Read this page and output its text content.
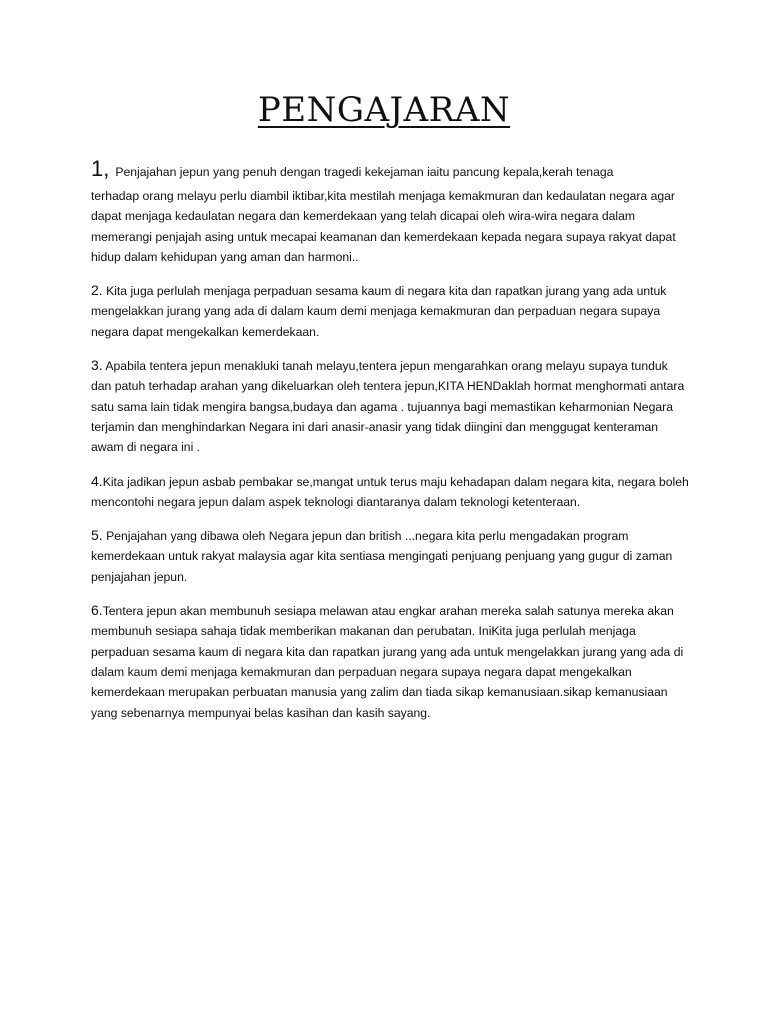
PENGAJARAN

1, Penjajahan jepun yang penuh dengan tragedi kekejaman iaitu pancung kepala,kerah tenaga
terhadap orang melayu perlu diambil iktibar,kita mestilah menjaga kemakmuran dan kedaulatan negara agar dapat menjaga kedaulatan negara dan kemerdekaan yang telah dicapai oleh wira-wira negara dalam memerangi penjajah asing untuk mecapai keamanan dan kemerdekaan kepada negara supaya rakyat dapat hidup dalam kehidupan yang aman dan harmoni..

2. Kita juga perlulah menjaga perpaduan sesama kaum di negara kita dan rapatkan jurang yang ada untuk mengelakkan jurang yang ada di dalam kaum demi menjaga kemakmuran dan perpaduan negara supaya negara dapat mengekalkan kemerdekaan.

3. Apabila tentera jepun menakluki tanah melayu,tentera jepun mengarahkan orang melayu supaya tunduk dan patuh terhadap arahan yang dikeluarkan oleh tentera jepun,KITA HENDaklah hormat menghormati antara satu sama lain tidak mengira bangsa,budaya dan agama . tujuannya bagi memastikan keharmonian Negara terjamin dan menghindarkan Negara ini dari anasir-anasir yang tidak diingini dan menggugat kenteraman awam di negara ini .

4.Kita jadikan jepun asbab pembakar se,mangat untuk terus maju kehadapan dalam negara kita, negara boleh mencontohi negara jepun dalam aspek teknologi diantaranya dalam teknologi ketenteraan.

5. Penjajahan yang dibawa oleh Negara jepun dan british ...negara kita perlu mengadakan program kemerdekaan untuk rakyat malaysia agar kita sentiasa mengingati penjuang penjuang yang gugur di zaman penjajahan jepun.

6.Tentera jepun akan membunuh sesiapa melawan atau engkar arahan mereka salah satunya mereka akan membunuh sesiapa sahaja tidak memberikan makanan dan perubatan. IniKita juga perlulah menjaga perpaduan sesama kaum di negara kita dan rapatkan jurang yang ada untuk mengelakkan jurang yang ada di dalam kaum demi menjaga kemakmuran dan perpaduan negara supaya negara dapat mengekalkan kemerdekaan merupakan perbuatan manusia yang zalim dan tiada sikap kemanusiaan.sikap kemanusiaan yang sebenarnya mempunyai belas kasihan dan kasih sayang.
